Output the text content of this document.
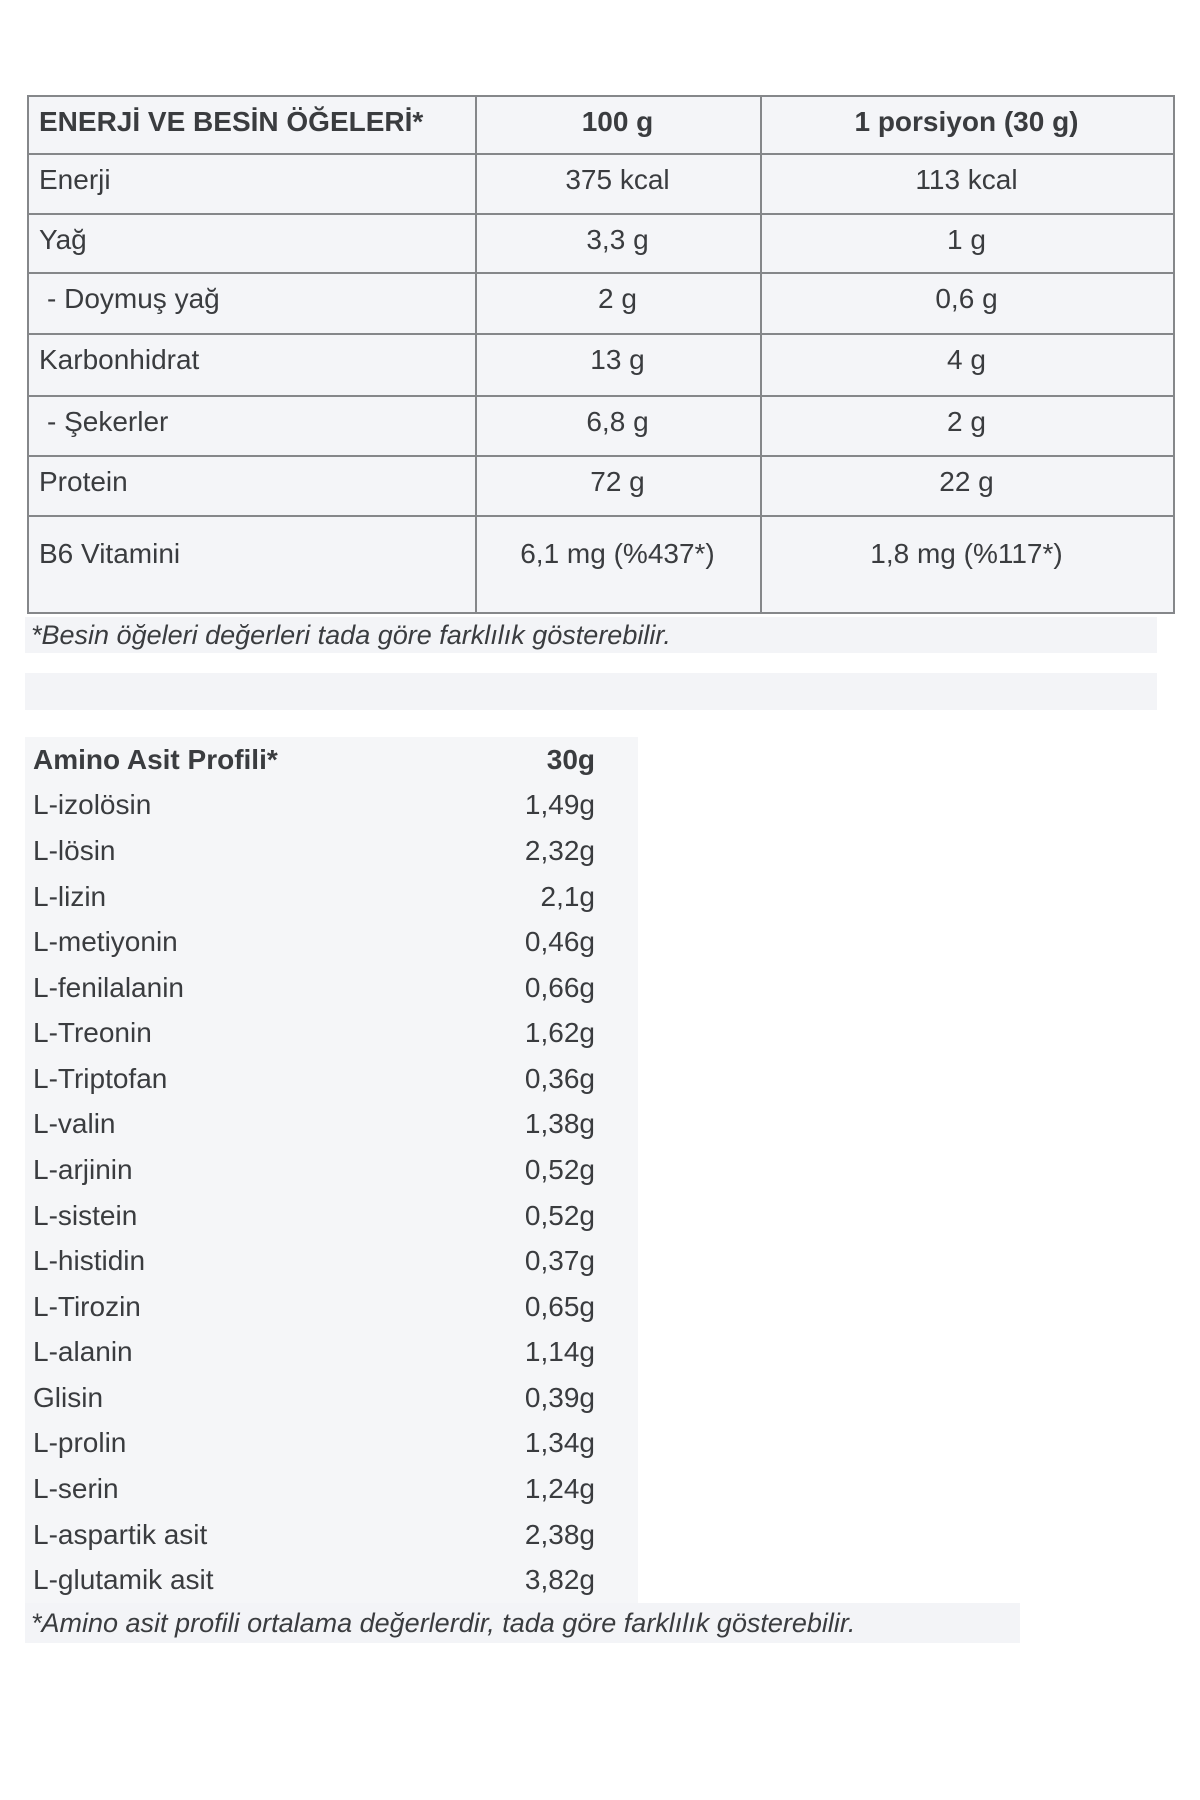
ENERJİ VE BESİN ÖĞELERİ*	100 g	1 porsiyon (30 g)
Enerji	375 kcal	113 kcal
Yağ	3,3 g	1 g
- Doymuş yağ	2 g	0,6 g
Karbonhidrat	13 g	4 g
- Şekerler	6,8 g	2 g
Protein	72 g	22 g
B6 Vitamini	6,1 mg (%437*)	1,8 mg (%117*)
*Besin öğeleri değerleri tada göre farklılık gösterebilir.
Amino Asit Profili*	30g
L-izolösin	1,49g
L-lösin	2,32g
L-lizin	2,1g
L-metiyonin	0,46g
L-fenilalanin	0,66g
L-Treonin	1,62g
L-Triptofan	0,36g
L-valin	1,38g
L-arjinin	0,52g
L-sistein	0,52g
L-histidin	0,37g
L-Tirozin	0,65g
L-alanin	1,14g
Glisin	0,39g
L-prolin	1,34g
L-serin	1,24g
L-aspartik asit	2,38g
L-glutamik asit	3,82g
*Amino asit profili ortalama değerlerdir, tada göre farklılık gösterebilir.
